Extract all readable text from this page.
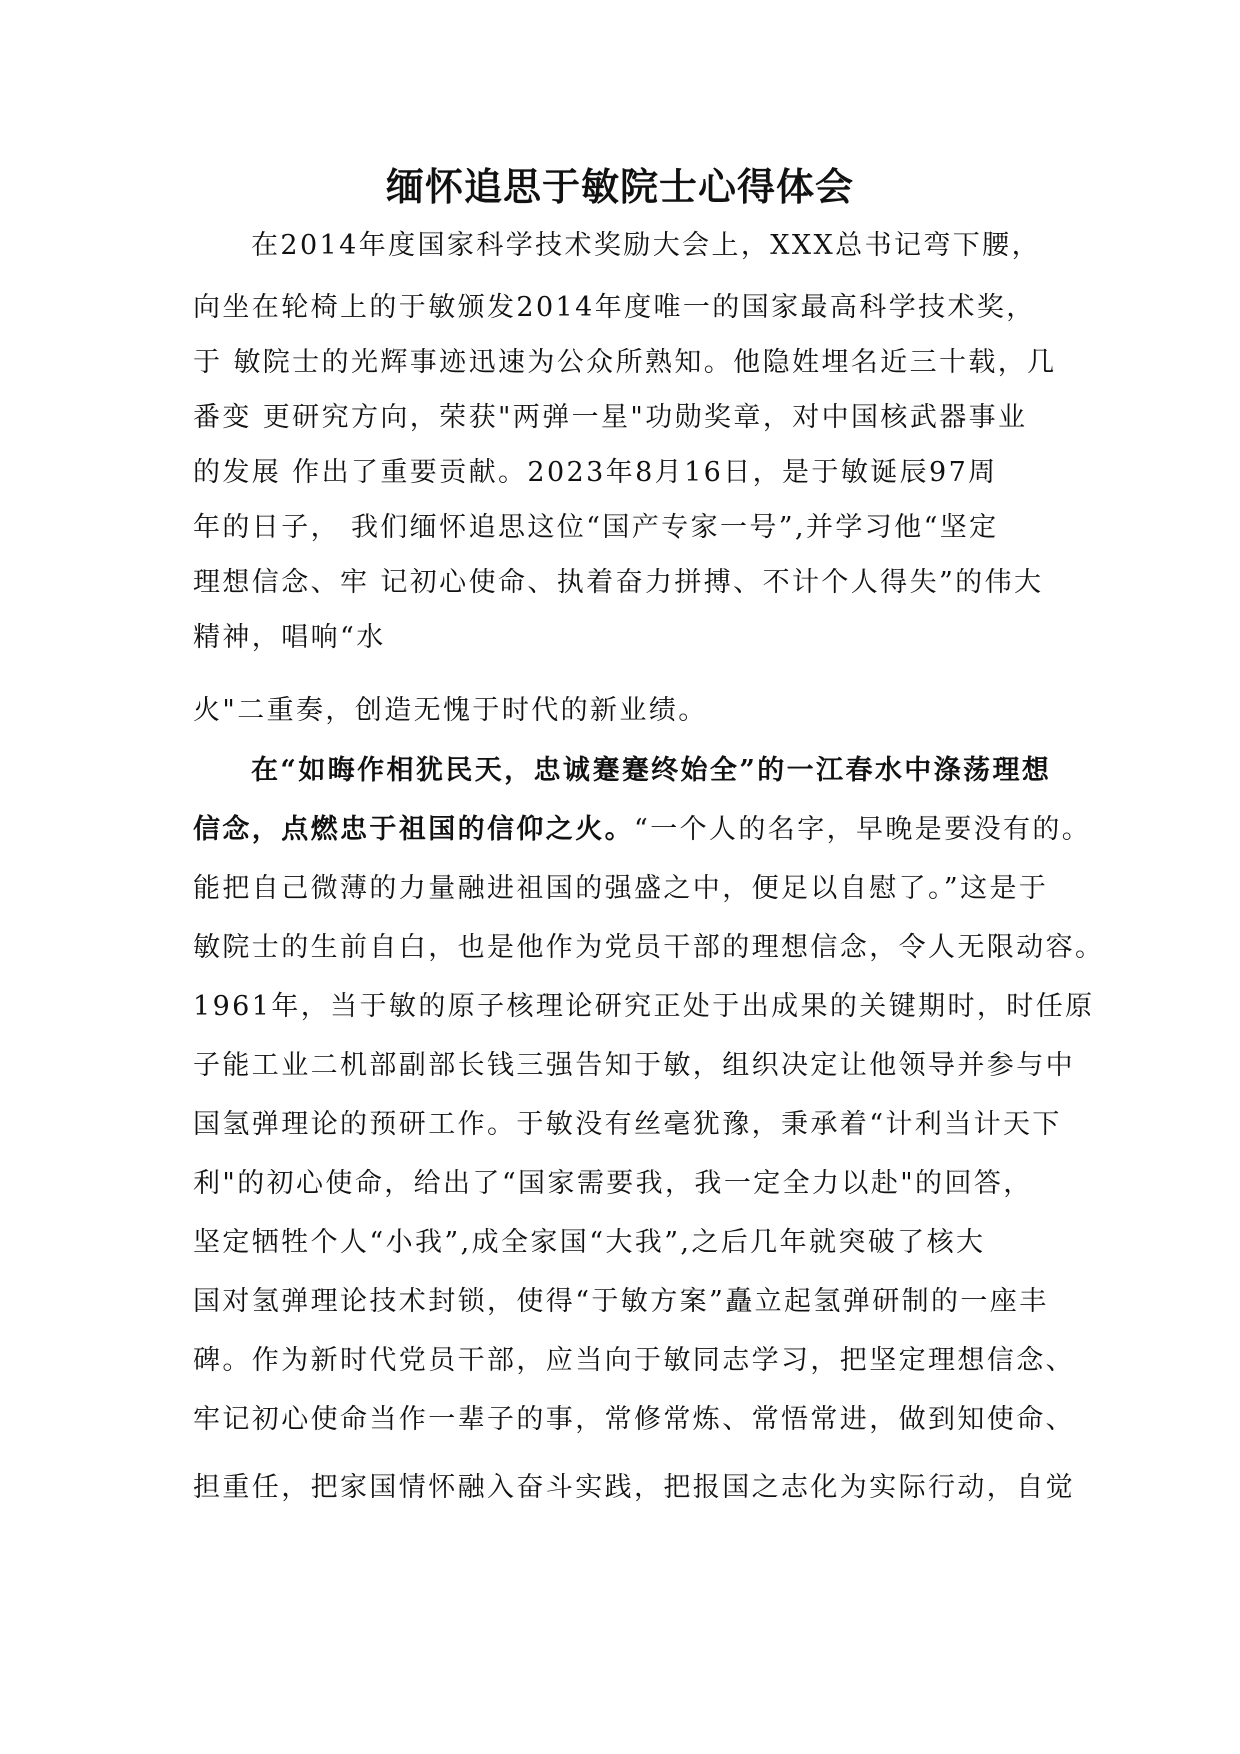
缅怀追思于敏院士心得体会

在2014年度国家科学技术奖励大会上，XXX总书记弯下腰，

向坐在轮椅上的于敏颁发2014年度唯一的国家最高科学技术奖，

于 敏院士的光辉事迹迅速为公众所熟知。他隐姓埋名近三十载，几

番变 更研究方向，荣获"两弹一星"功勋奖章，对中国核武器事业

的发展 作出了重要贡献。2023年8月16日，是于敏诞辰97周

年的日子， 我们缅怀追思这位“国产专家一号”,并学习他“坚定

理想信念、牢 记初心使命、执着奋力拼搏、不计个人得失”的伟大

精神，唱响“水

火"二重奏，创造无愧于时代的新业绩。

在“如晦作相犹民天，忠诚蹇蹇终始全”的一江春水中涤荡理想

信念，点燃忠于祖国的信仰之火。“一个人的名字，早晚是要没有的。

能把自己微薄的力量融进祖国的强盛之中，便足以自慰了。”这是于

敏院士的生前自白，也是他作为党员干部的理想信念，令人无限动容。

1961年，当于敏的原子核理论研究正处于出成果的关键期时，时任原

子能工业二机部副部长钱三强告知于敏，组织决定让他领导并参与中

国氢弹理论的预研工作。于敏没有丝毫犹豫，秉承着“计利当计天下

利"的初心使命，给出了“国家需要我，我一定全力以赴"的回答，

坚定牺牲个人“小我”,成全家国“大我”,之后几年就突破了核大

国对氢弹理论技术封锁，使得“于敏方案”矗立起氢弹研制的一座丰

碑。作为新时代党员干部，应当向于敏同志学习，把坚定理想信念、

牢记初心使命当作一辈子的事，常修常炼、常悟常进，做到知使命、

担重任，把家国情怀融入奋斗实践，把报国之志化为实际行动，自觉
